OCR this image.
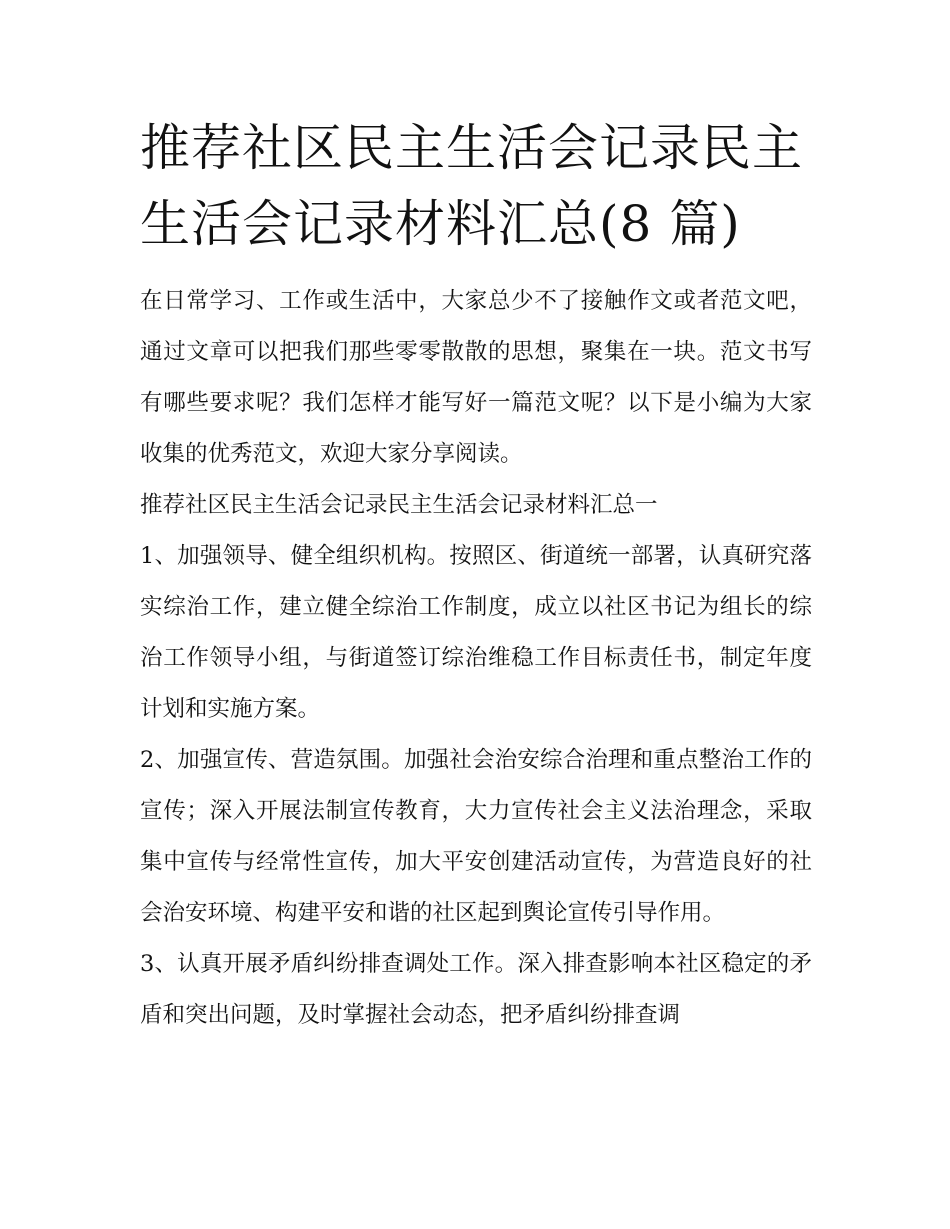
推荐社区民主生活会记录民主生活会记录材料汇总(8 篇)

在日常学习、工作或生活中，大家总少不了接触作文或者范文吧，通过文章可以把我们那些零零散散的思想，聚集在一块。范文书写有哪些要求呢？我们怎样才能写好一篇范文呢？以下是小编为大家收集的优秀范文，欢迎大家分享阅读。

推荐社区民主生活会记录民主生活会记录材料汇总一

1、加强领导、健全组织机构。按照区、街道统一部署，认真研究落实综治工作，建立健全综治工作制度，成立以社区书记为组长的综治工作领导小组，与街道签订综治维稳工作目标责任书，制定年度计划和实施方案。

2、加强宣传、营造氛围。加强社会治安综合治理和重点整治工作的宣传；深入开展法制宣传教育，大力宣传社会主义法治理念，采取集中宣传与经常性宣传，加大平安创建活动宣传，为营造良好的社会治安环境、构建平安和谐的社区起到舆论宣传引导作用。

3、认真开展矛盾纠纷排查调处工作。深入排查影响本社区稳定的矛盾和突出问题，及时掌握社会动态，把矛盾纠纷排查调
